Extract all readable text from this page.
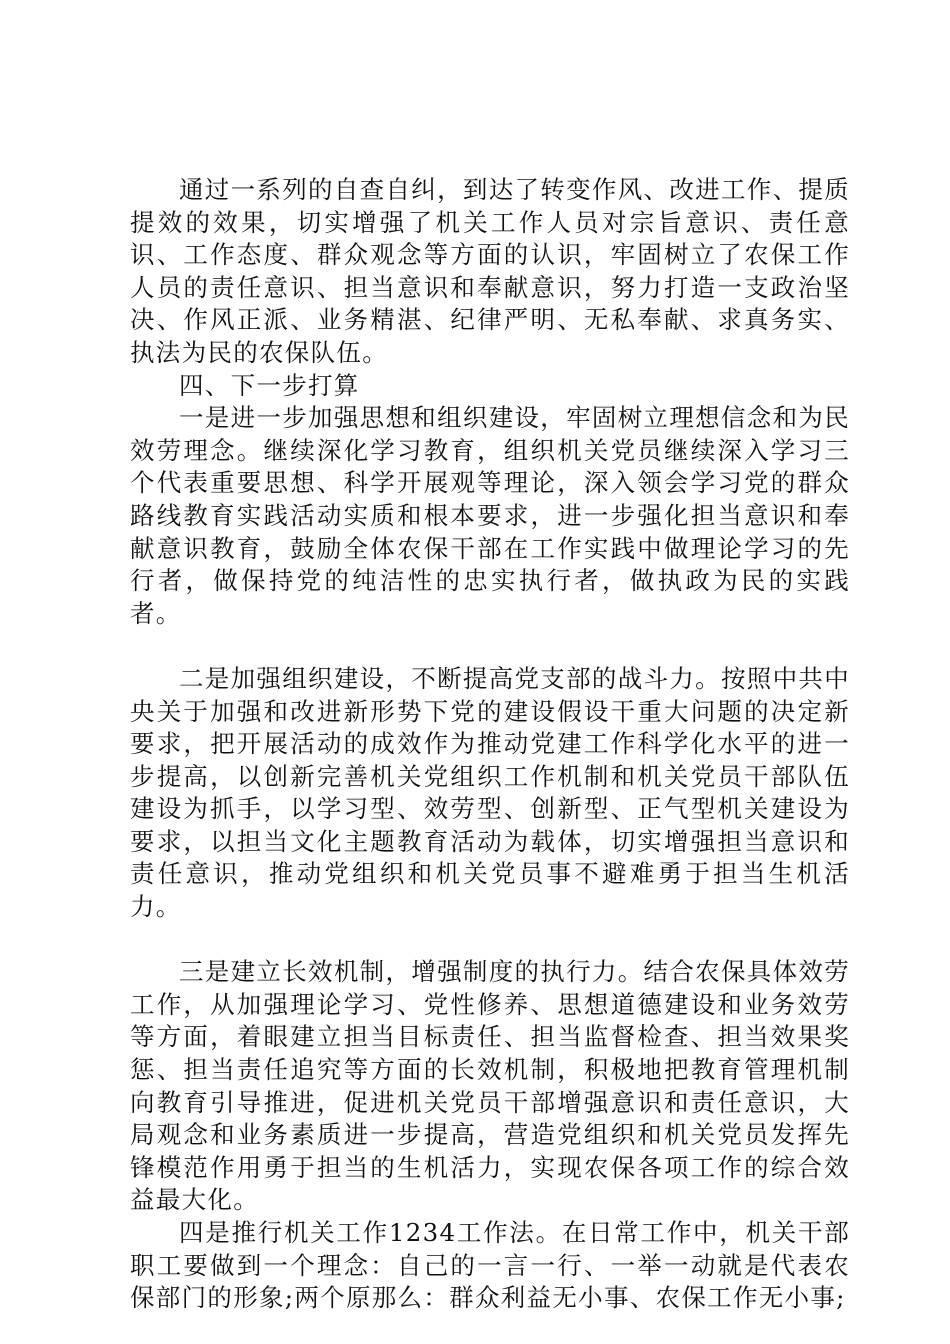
通过一系列的自查自纠，到达了转变作风、改进工作、提质提效的效果，切实增强了机关工作人员对宗旨意识、责任意识、工作态度、群众观念等方面的认识，牢固树立了农保工作人员的责任意识、担当意识和奉献意识，努力打造一支政治坚决、作风正派、业务精湛、纪律严明、无私奉献、求真务实、执法为民的农保队伍。

四、下一步打算

一是进一步加强思想和组织建设，牢固树立理想信念和为民效劳理念。继续深化学习教育，组织机关党员继续深入学习三个代表重要思想、科学开展观等理论，深入领会学习党的群众路线教育实践活动实质和根本要求，进一步强化担当意识和奉献意识教育，鼓励全体农保干部在工作实践中做理论学习的先行者，做保持党的纯洁性的忠实执行者，做执政为民的实践者。

二是加强组织建设，不断提高党支部的战斗力。按照中共中央关于加强和改进新形势下党的建设假设干重大问题的决定新要求，把开展活动的成效作为推动党建工作科学化水平的进一步提高，以创新完善机关党组织工作机制和机关党员干部队伍建设为抓手，以学习型、效劳型、创新型、正气型机关建设为要求，以担当文化主题教育活动为载体，切实增强担当意识和责任意识，推动党组织和机关党员事不避难勇于担当生机活力。

三是建立长效机制，增强制度的执行力。结合农保具体效劳工作，从加强理论学习、党性修养、思想道德建设和业务效劳等方面，着眼建立担当目标责任、担当监督检查、担当效果奖惩、担当责任追究等方面的长效机制，积极地把教育管理机制向教育引导推进，促进机关党员干部增强意识和责任意识，大局观念和业务素质进一步提高，营造党组织和机关党员发挥先锋模范作用勇于担当的生机活力，实现农保各项工作的综合效益最大化。

四是推行机关工作1234工作法。在日常工作中，机关干部职工要做到一个理念：自己的一言一行、一举一动就是代表农保部门的形象;两个原那么：群众利益无小事、农保工作无小事;
